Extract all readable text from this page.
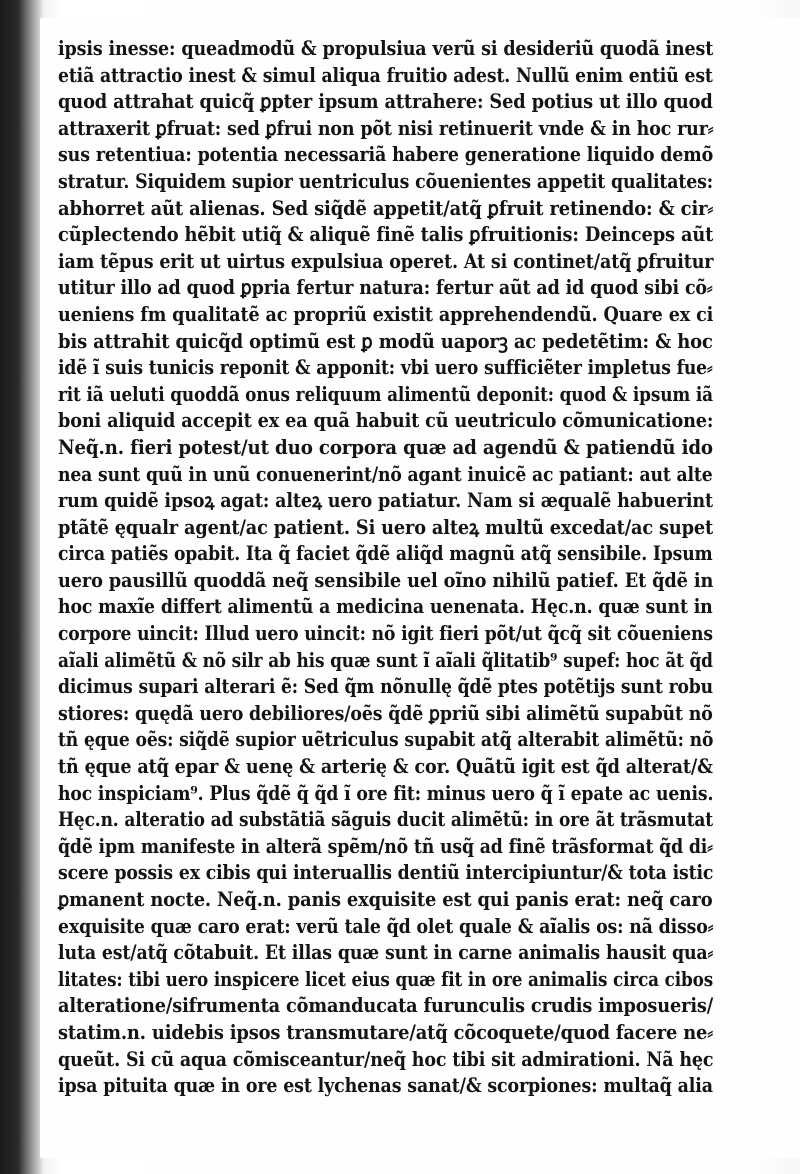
ipsis inesse: queadmodũ & propulsiua verũ si desideriũ quodã inest
etiã attractio inest & simul aliqua fruitio adest. Nullũ enim entiũ est
quod attrahat quicq̃ ꝑpter ipsum attrahere: Sed potius ut illo quod
attraxerit ꝑfruat: sed ꝑfrui non põt nisi retinuerit vnde & in hoc rur⸗
sus retentiua: potentia necessariã habere generatione liquido demõ
stratur. Siquidem supior uentriculus cõuenientes appetit qualitates:
abhorret aũt alienas. Sed siq̃dẽ appetit/atq̃ ꝑfruit retinendo: & cir⸗
cũplectendo hẽbit utiq̃ & aliquẽ finẽ talis ꝑfruitionis: Deinceps aũt
iam tẽpus erit ut uirtus expulsiua operet. At si continet/atq̃ ꝑfruitur
utitur illo ad quod ꝑpria fertur natura: fertur aũt ad id quod sibi cõ⸗
ueniens fm qualitatẽ ac propriũ existit apprehendendũ. Quare ex ci
bis attrahit quicq̃d optimũ est ꝑ modũ uaporꝫ ac pedetẽtim: & hoc
idẽ ĩ suis tunicis reponit & apponit: vbi uero sufficiẽter impletus fue⸗
rit iã ueluti quoddã onus reliquum alimentũ deponit: quod & ipsum iã
boni aliquid accepit ex ea quã habuit cũ ueutriculo cõmunicatione:
Neq̃.n. fieri potest/ut duo corpora quæ ad agendũ & patiendũ ido
nea sunt quũ in unũ conuenerint/nõ agant inuicẽ ac patiant: aut alte
rum quidẽ ipsoꝝ agat: alteꝝ uero patiatur. Nam si æqualẽ habuerint
ptãtẽ ęqualr agent/ac patient. Si uero alteꝝ multũ excedat/ac supet
circa patiẽs opabit. Ita q̃ faciet q̃dẽ aliq̃d magnũ atq̃ sensibile. Ipsum
uero pausillũ quoddã neq̃ sensibile uel oĩno nihilũ patief. Et q̃dẽ in
hoc maxĩe differt alimentũ a medicina uenenata. Hęc.n. quæ sunt in
corpore uincit: Illud uero uincit: nõ igit fieri põt/ut q̃cq̃ sit cõueniens
aĩali alimẽtũ & nõ silr ab his quæ sunt ĩ aĩali q̃litatib⁹ supef: hoc ãt q̃d
dicimus supari alterari ẽ: Sed q̃m nõnullę q̃dẽ ptes potẽtijs sunt robu
stiores: quędã uero debiliores/oẽs q̃dẽ ꝑpriũ sibi alimẽtũ supabũt nõ
tñ ęque oẽs: siq̃dẽ supior uẽtriculus supabit atq̃ alterabit alimẽtũ: nõ
tñ ęque atq̃ epar & uenę & arterię & cor. Quãtũ igit est q̃d alterat/&
hoc inspiciam⁹. Plus q̃dẽ q̃ q̃d ĩ ore fit: minus uero q̃ ĩ epate ac uenis.
Hęc.n. alteratio ad substãtiã sãguis ducit alimẽtũ: in ore ãt trãsmutat
q̃dẽ ipm manifeste in alterã spẽm/nõ tñ usq̃ ad finẽ trãsformat q̃d di⸗
scere possis ex cibis qui interuallis dentiũ intercipiuntur/& tota istic
ꝑmanent nocte. Neq̃.n. panis exquisite est qui panis erat: neq̃ caro
exquisite quæ caro erat: verũ tale q̃d olet quale & aĩalis os: nã disso⸗
luta est/atq̃ cõtabuit. Et illas quæ sunt in carne animalis hausit qua⸗
litates: tibi uero inspicere licet eius quæ fit in ore animalis circa cibos
alteratione/sifrumenta cõmanducata furunculis crudis imposueris/
statim.n. uidebis ipsos transmutare/atq̃ cõcoquete/quod facere ne⸗
queũt. Si cũ aqua cõmisceantur/neq̃ hoc tibi sit admirationi. Nã hęc
ipsa pituita quæ in ore est lychenas sanat/& scorpiones: multaq̃ alia
